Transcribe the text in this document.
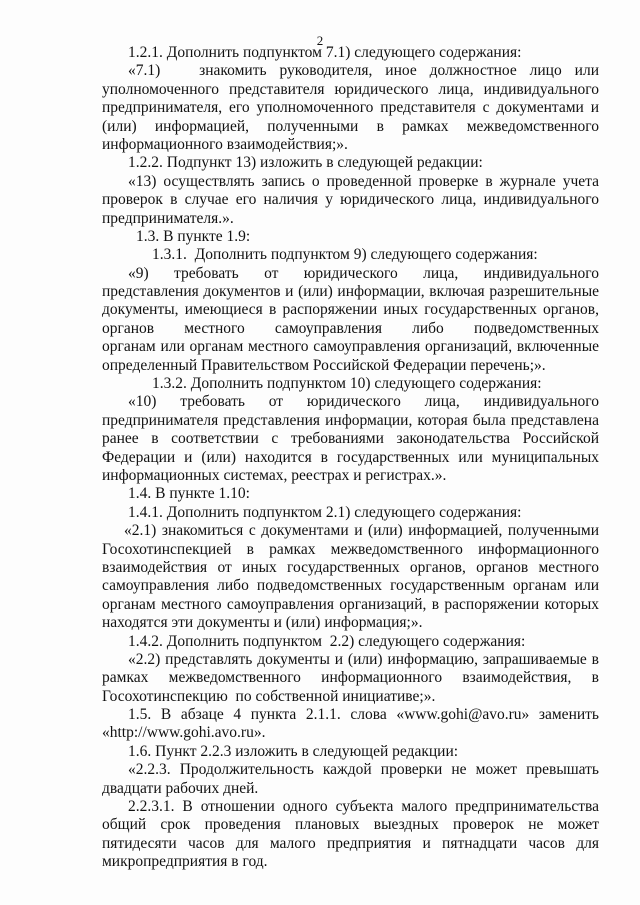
2
1.2.1. Дополнить подпунктом 7.1) следующего содержания:
«7.1)   знакомить руководителя, иное должностное лицо или
уполномоченного представителя юридического лица, индивидуального
предпринимателя, его уполномоченного представителя с документами и
(или) информацией, полученными в рамках межведомственного
информационного взаимодействия;».
1.2.2. Подпункт 13) изложить в следующей редакции:
«13) осуществлять запись о проведенной проверке в журнале учета
проверок в случае его наличия у юридического лица, индивидуального
предпринимателя.».
1.3. В пункте 1.9:
1.3.1.  Дополнить подпунктом 9) следующего содержания:
«9) требовать от юридического лица, индивидуального
представления документов и (или) информации, включая разрешительные
документы, имеющиеся в распоряжении иных государственных органов,
органов местного самоуправления либо подведомственных
органам или органам местного самоуправления организаций, включенные
определенный Правительством Российской Федерации перечень;».
1.3.2. Дополнить подпунктом 10) следующего содержания:
«10) требовать от юридического лица, индивидуального
предпринимателя представления информации, которая была представлена
ранее в соответствии с требованиями законодательства Российской
Федерации и (или) находится в государственных или муниципальных
информационных системах, реестрах и регистрах.».
1.4. В пункте 1.10:
1.4.1. Дополнить подпунктом 2.1) следующего содержания:
«2.1) знакомиться с документами и (или) информацией, полученными
Госохотинспекцией в рамках межведомственного информационного
взаимодействия от иных государственных органов, органов местного
самоуправления либо подведомственных государственным органам или
органам местного самоуправления организаций, в распоряжении которых
находятся эти документы и (или) информация;».
1.4.2. Дополнить подпунктом  2.2) следующего содержания:
«2.2) представлять документы и (или) информацию, запрашиваемые в
рамках межведомственного информационного взаимодействия, в
Госохотинспекцию  по собственной инициативе;».
1.5. В абзаце 4 пункта 2.1.1. слова «www.gohi@avo.ru» заменить
«http://www.gohi.avo.ru».
1.6. Пункт 2.2.3 изложить в следующей редакции:
«2.2.3. Продолжительность каждой проверки не может превышать
двадцати рабочих дней.
2.2.3.1. В отношении одного субъекта малого предпринимательства
общий срок проведения плановых выездных проверок не может
пятидесяти часов для малого предприятия и пятнадцати часов для
микропредприятия в год.
